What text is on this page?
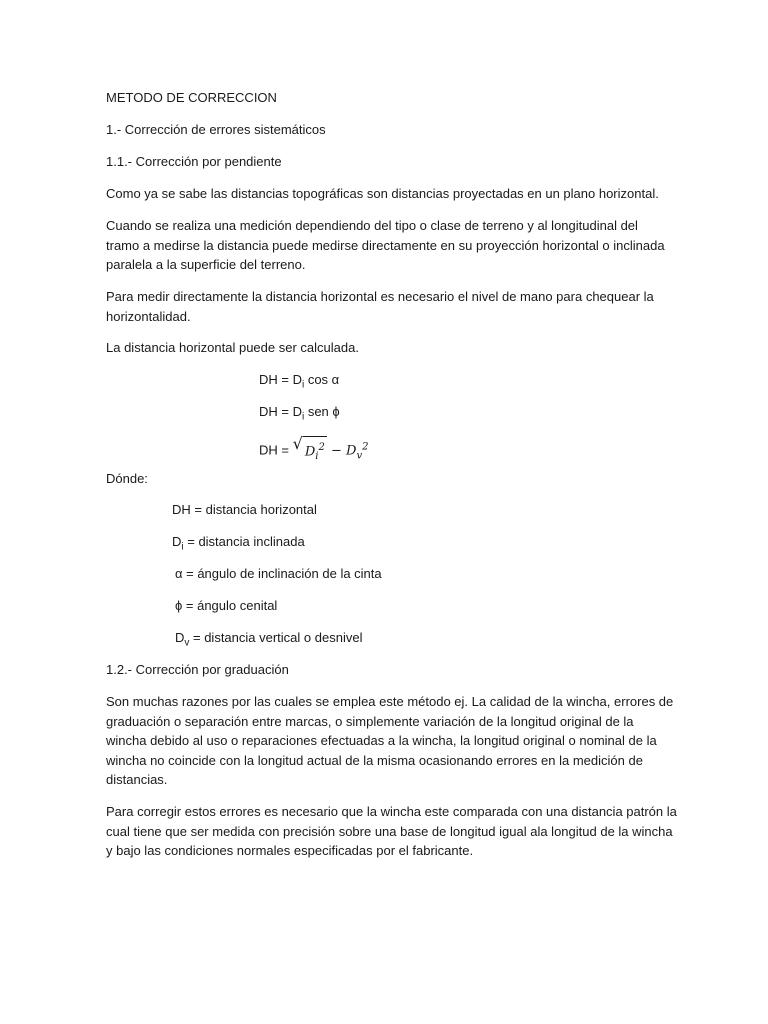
METODO DE CORRECCION
1.- Corrección de errores sistemáticos
1.1.- Corrección por pendiente
Como ya se sabe las distancias topográficas son distancias proyectadas en un plano horizontal.
Cuando se realiza una medición dependiendo del tipo o clase de terreno y al longitudinal del
tramo a medirse la distancia puede medirse directamente en su proyección horizontal o inclinada
paralela a la superficie del terreno.
Para medir directamente la distancia horizontal es necesario el nivel de mano para chequear la
horizontalidad.
La distancia horizontal puede ser calculada.
DH = $D_i$ cos α
DH = $D_i$ sen ϕ
DH = √ $D_i^2 - D_v^2$
Dónde:
DH = distancia horizontal
$D_i$ = distancia inclinada
α = ángulo de inclinación de la cinta
ϕ = ángulo cenital
$D_v$ = distancia vertical o desnivel
1.2.- Corrección por graduación
Son muchas razones por las cuales se emplea este método ej. La calidad de la wincha, errores de
graduación o separación entre marcas, o simplemente variación de la longitud original de la
wincha debido al uso o reparaciones efectuadas a la wincha, la longitud original o nominal de la
wincha no coincide con la longitud actual de la misma ocasionando errores en la medición de
distancias.
Para corregir estos errores es necesario que la wincha este comparada con una distancia patrón la
cual tiene que ser medida con precisión sobre una base de longitud igual ala longitud de la wincha
y bajo las condiciones normales especificadas por el fabricante.
